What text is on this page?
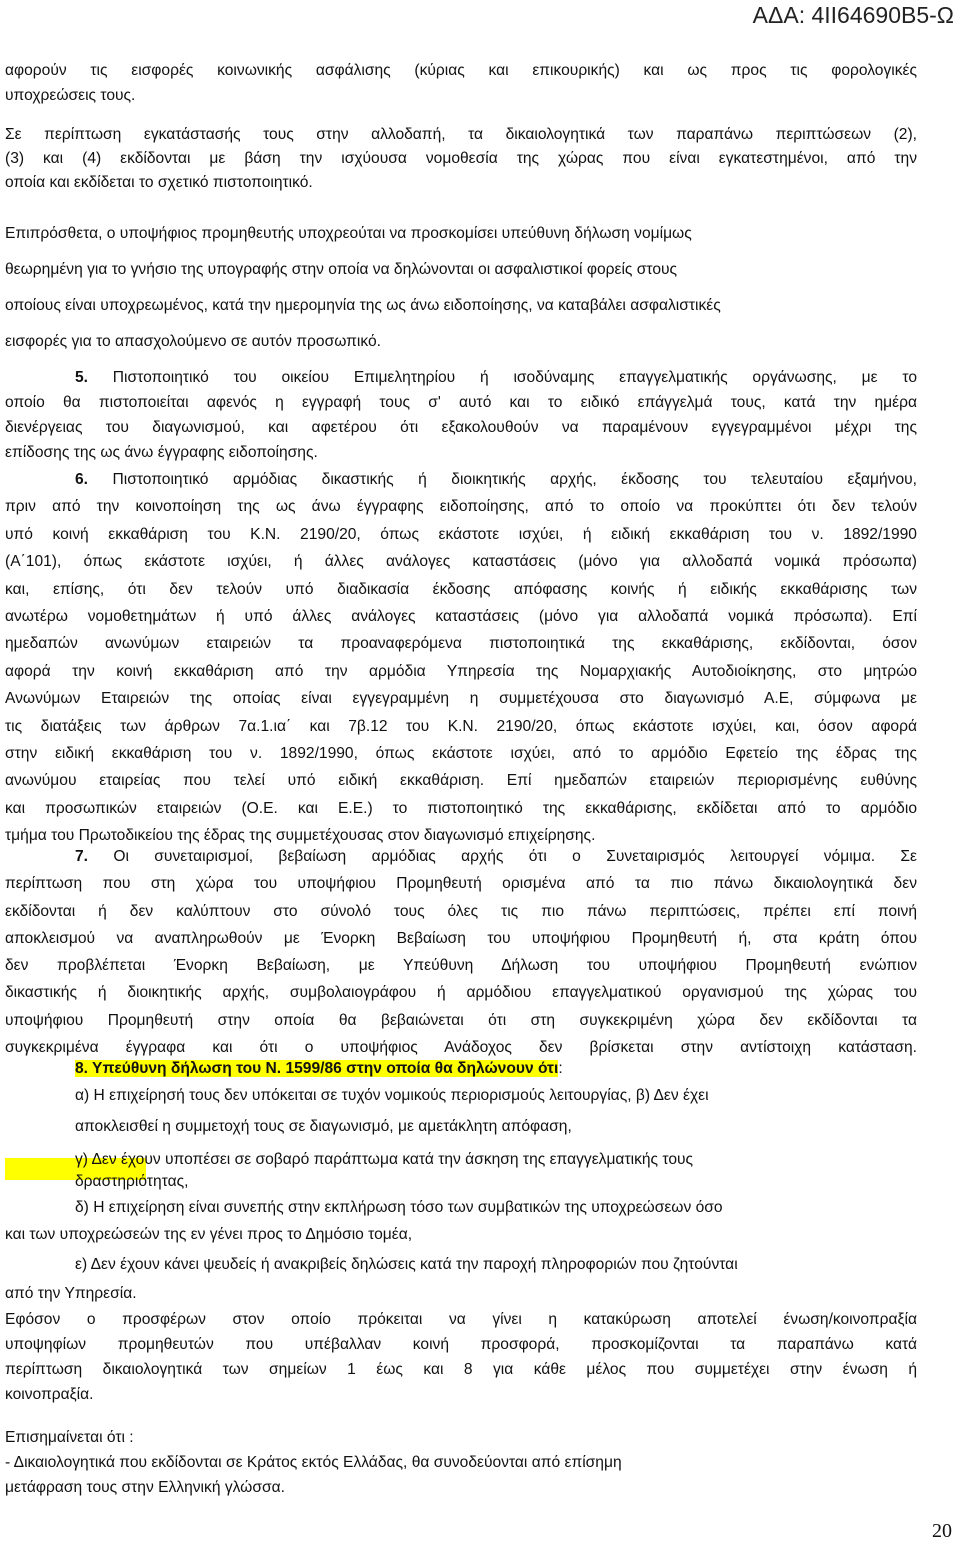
ΑΔΑ: 4ΙΙ64690Β5-Ω

αφορούν τις εισφορές κοινωνικής ασφάλισης (κύριας και επικουρικής) και ως προς τις φορολογικές

υποχρεώσεις τους.

Σε περίπτωση εγκατάστασής τους στην αλλοδαπή, τα δικαιολογητικά των παραπάνω περιπτώσεων (2),

(3) και (4) εκδίδονται με βάση την ισχύουσα νομοθεσία της χώρας που είναι εγκατεστημένοι, από την

οποία και εκδίδεται το σχετικό πιστοποιητικό.

Επιπρόσθετα, ο υποψήφιος προμηθευτής υποχρεούται να προσκομίσει υπεύθυνη δήλωση νομίμως

θεωρημένη για το γνήσιο της υπογραφής στην οποία να δηλώνονται οι ασφαλιστικοί φορείς στους

οποίους είναι υποχρεωμένος, κατά την ημερομηνία της ως άνω ειδοποίησης, να καταβάλει ασφαλιστικές

εισφορές για το απασχολούμενο σε αυτόν προσωπικό.

5. Πιστοποιητικό του οικείου Επιμελητηρίου ή ισοδύναμης επαγγελματικής οργάνωσης, με το

οποίο θα πιστοποιείται αφενός η εγγραφή τους σ' αυτό και το ειδικό επάγγελμά τους, κατά την ημέρα

διενέργειας του διαγωνισμού, και αφετέρου ότι εξακολουθούν να παραμένουν εγγεγραμμένοι μέχρι της

επίδοσης της ως άνω έγγραφης ειδοποίησης.

6. Πιστοποιητικό αρμόδιας δικαστικής ή διοικητικής αρχής, έκδοσης του τελευταίου εξαμήνου,

πριν από την κοινοποίηση της ως άνω έγγραφης ειδοποίησης, από το οποίο να προκύπτει ότι δεν τελούν

υπό κοινή εκκαθάριση του Κ.Ν. 2190/20, όπως εκάστοτε ισχύει, ή ειδική εκκαθάριση του ν. 1892/1990

(Α΄101), όπως εκάστοτε ισχύει, ή άλλες ανάλογες καταστάσεις (μόνο για αλλοδαπά νομικά πρόσωπα)

και, επίσης, ότι δεν τελούν υπό διαδικασία έκδοσης απόφασης κοινής ή ειδικής εκκαθάρισης των

ανωτέρω νομοθετημάτων ή υπό άλλες ανάλογες καταστάσεις (μόνο για αλλοδαπά νομικά πρόσωπα). Επί

ημεδαπών ανωνύμων εταιρειών τα προαναφερόμενα πιστοποιητικά της εκκαθάρισης, εκδίδονται, όσον

αφορά την κοινή εκκαθάριση από την αρμόδια Υπηρεσία της Νομαρχιακής Αυτοδιοίκησης, στο μητρώο

Ανωνύμων Εταιρειών της οποίας είναι εγγεγραμμένη η συμμετέχουσα στο διαγωνισμό Α.Ε, σύμφωνα με

τις διατάξεις των άρθρων 7α.1.ια΄ και 7β.12 του Κ.Ν. 2190/20, όπως εκάστοτε ισχύει, και, όσον αφορά

στην ειδική εκκαθάριση του ν. 1892/1990, όπως εκάστοτε ισχύει, από το αρμόδιο Εφετείο της έδρας της

ανωνύμου εταιρείας που τελεί υπό ειδική εκκαθάριση. Επί ημεδαπών εταιρειών περιορισμένης ευθύνης

και προσωπικών εταιρειών (Ο.Ε. και Ε.Ε.) το πιστοποιητικό της εκκαθάρισης, εκδίδεται από το αρμόδιο

τμήμα του Πρωτοδικείου της έδρας της συμμετέχουσας στον διαγωνισμό επιχείρησης.

7. Οι συνεταιρισμοί, βεβαίωση αρμόδιας αρχής ότι ο Συνεταιρισμός λειτουργεί νόμιμα. Σε

περίπτωση που στη χώρα του υποψήφιου Προμηθευτή ορισμένα από τα πιο πάνω δικαιολογητικά δεν

εκδίδονται ή δεν καλύπτουν στο σύνολό τους όλες τις πιο πάνω περιπτώσεις, πρέπει επί ποινή

αποκλεισμού να αναπληρωθούν με Ένορκη Βεβαίωση του υποψήφιου Προμηθευτή ή, στα κράτη όπου

δεν προβλέπεται Ένορκη Βεβαίωση, με Υπεύθυνη Δήλωση του υποψήφιου Προμηθευτή ενώπιον

δικαστικής ή διοικητικής αρχής, συμβολαιογράφου ή αρμόδιου επαγγελματικού οργανισμού της χώρας του

υποψήφιου Προμηθευτή στην οποία θα βεβαιώνεται ότι στη συγκεκριμένη χώρα δεν εκδίδονται τα

συγκεκριμένα έγγραφα και ότι ο υποψήφιος Ανάδοχος δεν βρίσκεται στην αντίστοιχη κατάσταση.

8. Υπεύθυνη δήλωση του Ν. 1599/86 στην οποία θα δηλώνουν ότι:

α) Η επιχείρησή τους δεν υπόκειται σε τυχόν νομικούς περιορισμούς λειτουργίας, β) Δεν έχει

αποκλεισθεί η συμμετοχή τους σε διαγωνισμό, με αμετάκλητη απόφαση,

γ) Δεν έχουν υποπέσει σε σοβαρό παράπτωμα κατά την άσκηση της επαγγελματικής τους

δραστηριότητας,

δ) Η επιχείρηση είναι συνεπής στην εκπλήρωση τόσο των συμβατικών της υποχρεώσεων όσο

και των υποχρεώσεών της εν γένει προς το Δημόσιο τομέα,

ε) Δεν έχουν κάνει ψευδείς ή ανακριβείς δηλώσεις κατά την παροχή πληροφοριών που ζητούνται

από την Υπηρεσία.

Εφόσον ο προσφέρων στον οποίο πρόκειται να γίνει η κατακύρωση αποτελεί ένωση/κοινοπραξία

υποψηφίων προμηθευτών που υπέβαλλαν κοινή προσφορά, προσκομίζονται τα παραπάνω κατά

περίπτωση δικαιολογητικά των σημείων 1 έως και 8 για κάθε μέλος που συμμετέχει στην ένωση ή

κοινοπραξία.

Επισημαίνεται ότι :

- Δικαιολογητικά που εκδίδονται σε Κράτος εκτός Ελλάδας, θα συνοδεύονται από επίσημη

μετάφραση τους στην Ελληνική γλώσσα.

20
